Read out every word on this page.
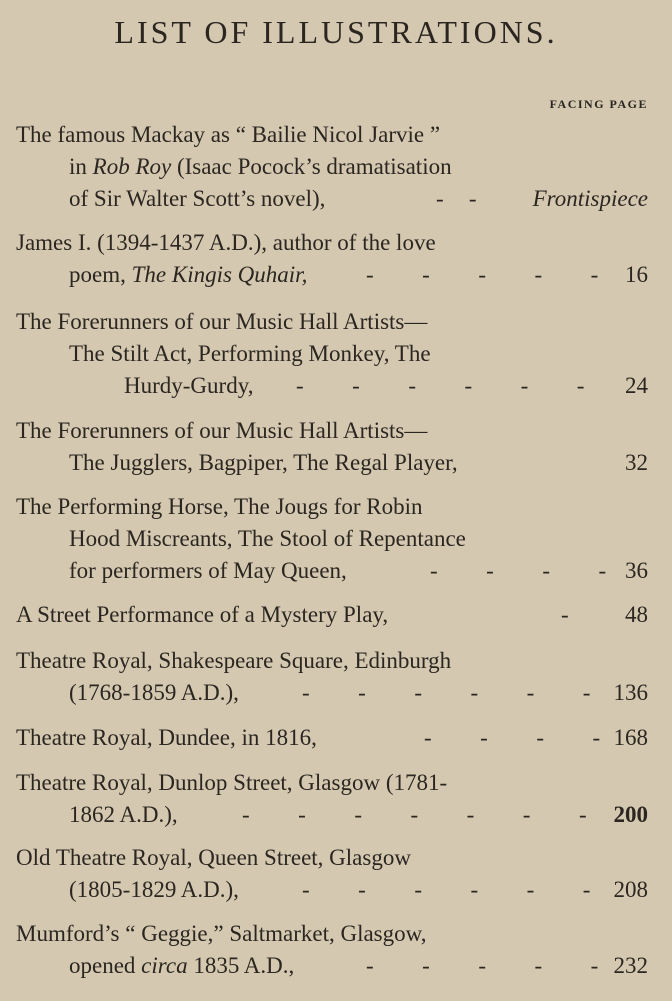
LIST OF ILLUSTRATIONS.
FACING PAGE
The famous Mackay as “ Bailie Nicol Jarvie ”
in Rob Roy (Isaac Pocock’s dramatisation
of Sir Walter Scott’s novel),	-   - Frontispiece
James I. (1394-1437 A.D.), author of the love
poem, The Kingis Quhair,	-      -      -      -      - 16
The Forerunners of our Music Hall Artists—
The Stilt Act, Performing Monkey, The
Hurdy-Gurdy, -      -      -      -      -      - 24
The Forerunners of our Music Hall Artists—
The Jugglers, Bagpiper, The Regal Player,	32
The Performing Horse, The Jougs for Robin
Hood Miscreants, The Stool of Repentance
for performers of May Queen,	-      -      -      - 36
A Street Performance of a Mystery Play,	- 48
Theatre Royal, Shakespeare Square, Edinburgh
(1768-1859 A.D.),	-      -      -      -      -      - 136
Theatre Royal, Dundee, in 1816,	-      -      -      - 168
Theatre Royal, Dunlop Street, Glasgow (1781-
1862 A.D.),	-      -      -      -      -      -      - 200
Old Theatre Royal, Queen Street, Glasgow
(1805-1829 A.D.),	-      -      -      -      -      - 208
Mumford’s “ Geggie,” Saltmarket, Glasgow,
opened circa 1835 A.D.,	-      -      -      -      - 232
